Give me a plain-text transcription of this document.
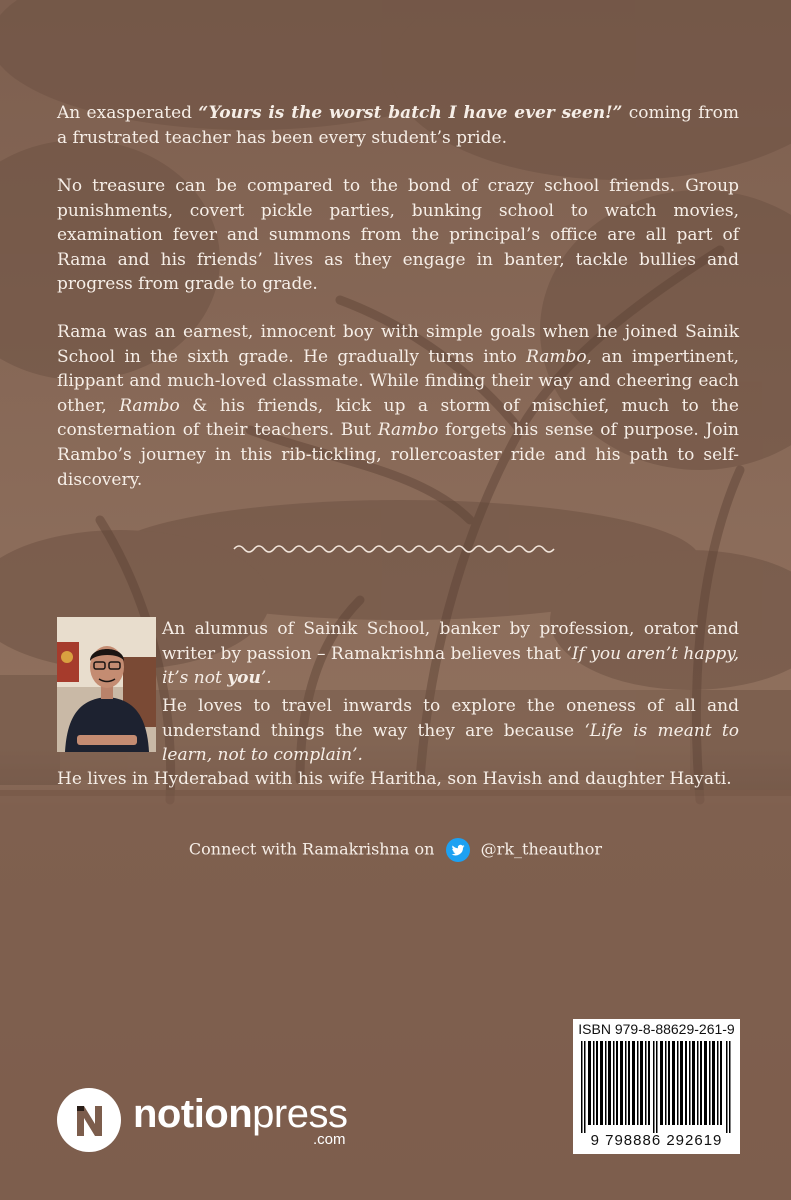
An exasperated “Yours is the worst batch I have ever seen!” coming from a frustrated teacher has been every student’s pride.

No treasure can be compared to the bond of crazy school friends. Group punishments, covert pickle parties, bunking school to watch movies, examination fever and summons from the principal’s office are all part of Rama and his friends’ lives as they engage in banter, tackle bullies and progress from grade to grade.

Rama was an earnest, innocent boy with simple goals when he joined Sainik School in the sixth grade. He gradually turns into Rambo, an impertinent, flippant and much-loved classmate. While finding their way and cheering each other, Rambo & his friends, kick up a storm of mischief, much to the consternation of their teachers. But Rambo forgets his sense of purpose. Join Rambo’s journey in this rib-tickling, rollercoaster ride and his path to self-discovery.

An alumnus of Sainik School, banker by profession, orator and writer by passion – Ramakrishna believes that ‘If you aren’t happy, it’s not you’.

He loves to travel inwards to explore the oneness of all and understand things the way they are because ‘Life is meant to learn, not to complain’.

He lives in Hyderabad with his wife Haritha, son Havish and daughter Hayati.

Connect with Ramakrishna on	@rk_theauthor
ISBN 979-8-88629-261-9
9 798886 292619
notionpress
.com
